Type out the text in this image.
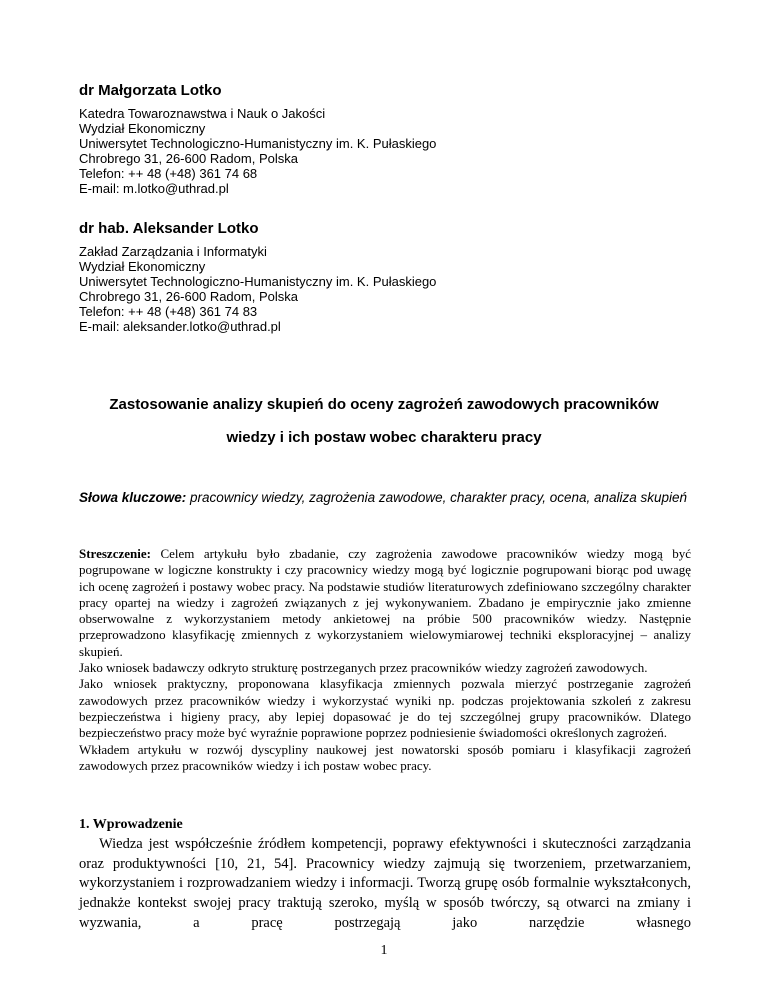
dr Małgorzata Lotko

Katedra Towaroznawstwa i Nauk o Jakości

Wydział Ekonomiczny

Uniwersytet Technologiczno-Humanistyczny im. K. Pułaskiego

Chrobrego 31, 26-600 Radom, Polska

Telefon: ++ 48 (+48) 361 74 68

E-mail: m.lotko@uthrad.pl

dr hab. Aleksander Lotko

Zakład Zarządzania i Informatyki

Wydział Ekonomiczny

Uniwersytet Technologiczno-Humanistyczny im. K. Pułaskiego

Chrobrego 31, 26-600 Radom, Polska

Telefon: ++ 48 (+48) 361 74 83

E-mail: aleksander.lotko@uthrad.pl

Zastosowanie analizy skupień do oceny zagrożeń zawodowych pracowników
wiedzy i ich postaw wobec charakteru pracy
Słowa kluczowe: pracownicy wiedzy, zagrożenia zawodowe, charakter pracy, ocena, analiza skupień

Streszczenie: Celem artykułu było zbadanie, czy zagrożenia zawodowe pracowników wiedzy mogą być pogrupowane w logiczne konstrukty i czy pracownicy wiedzy mogą być logicznie pogrupowani biorąc pod uwagę ich ocenę zagrożeń i postawy wobec pracy. Na podstawie studiów literaturowych zdefiniowano szczególny charakter pracy opartej na wiedzy i zagrożeń związanych z jej wykonywaniem. Zbadano je empirycznie jako zmienne obserwowalne z wykorzystaniem metody ankietowej na próbie 500 pracowników wiedzy. Następnie przeprowadzono klasyfikację zmiennych z wykorzystaniem wielowymiarowej techniki eksploracyjnej – analizy skupień.

Jako wniosek badawczy odkryto strukturę postrzeganych przez pracowników wiedzy zagrożeń zawodowych.

Jako wniosek praktyczny, proponowana klasyfikacja zmiennych pozwala mierzyć postrzeganie zagrożeń zawodowych przez pracowników wiedzy i wykorzystać wyniki np. podczas projektowania szkoleń z zakresu bezpieczeństwa i higieny pracy, aby lepiej dopasować je do tej szczególnej grupy pracowników. Dlatego bezpieczeństwo pracy może być wyraźnie poprawione poprzez podniesienie świadomości określonych zagrożeń.

Wkładem artykułu w rozwój dyscypliny naukowej jest nowatorski sposób pomiaru i klasyfikacji zagrożeń zawodowych przez pracowników wiedzy i ich postaw wobec pracy.

1. Wprowadzenie

Wiedza jest współcześnie źródłem kompetencji, poprawy efektywności i skuteczności zarządzania oraz produktywności [10, 21, 54]. Pracownicy wiedzy zajmują się tworzeniem, przetwarzaniem, wykorzystaniem i rozprowadzaniem wiedzy i informacji. Tworzą grupę osób formalnie wykształconych, jednakże kontekst swojej pracy traktują szeroko, myślą w sposób twórczy, są otwarci na zmiany i wyzwania, a pracę postrzegają jako narzędzie własnego

1
